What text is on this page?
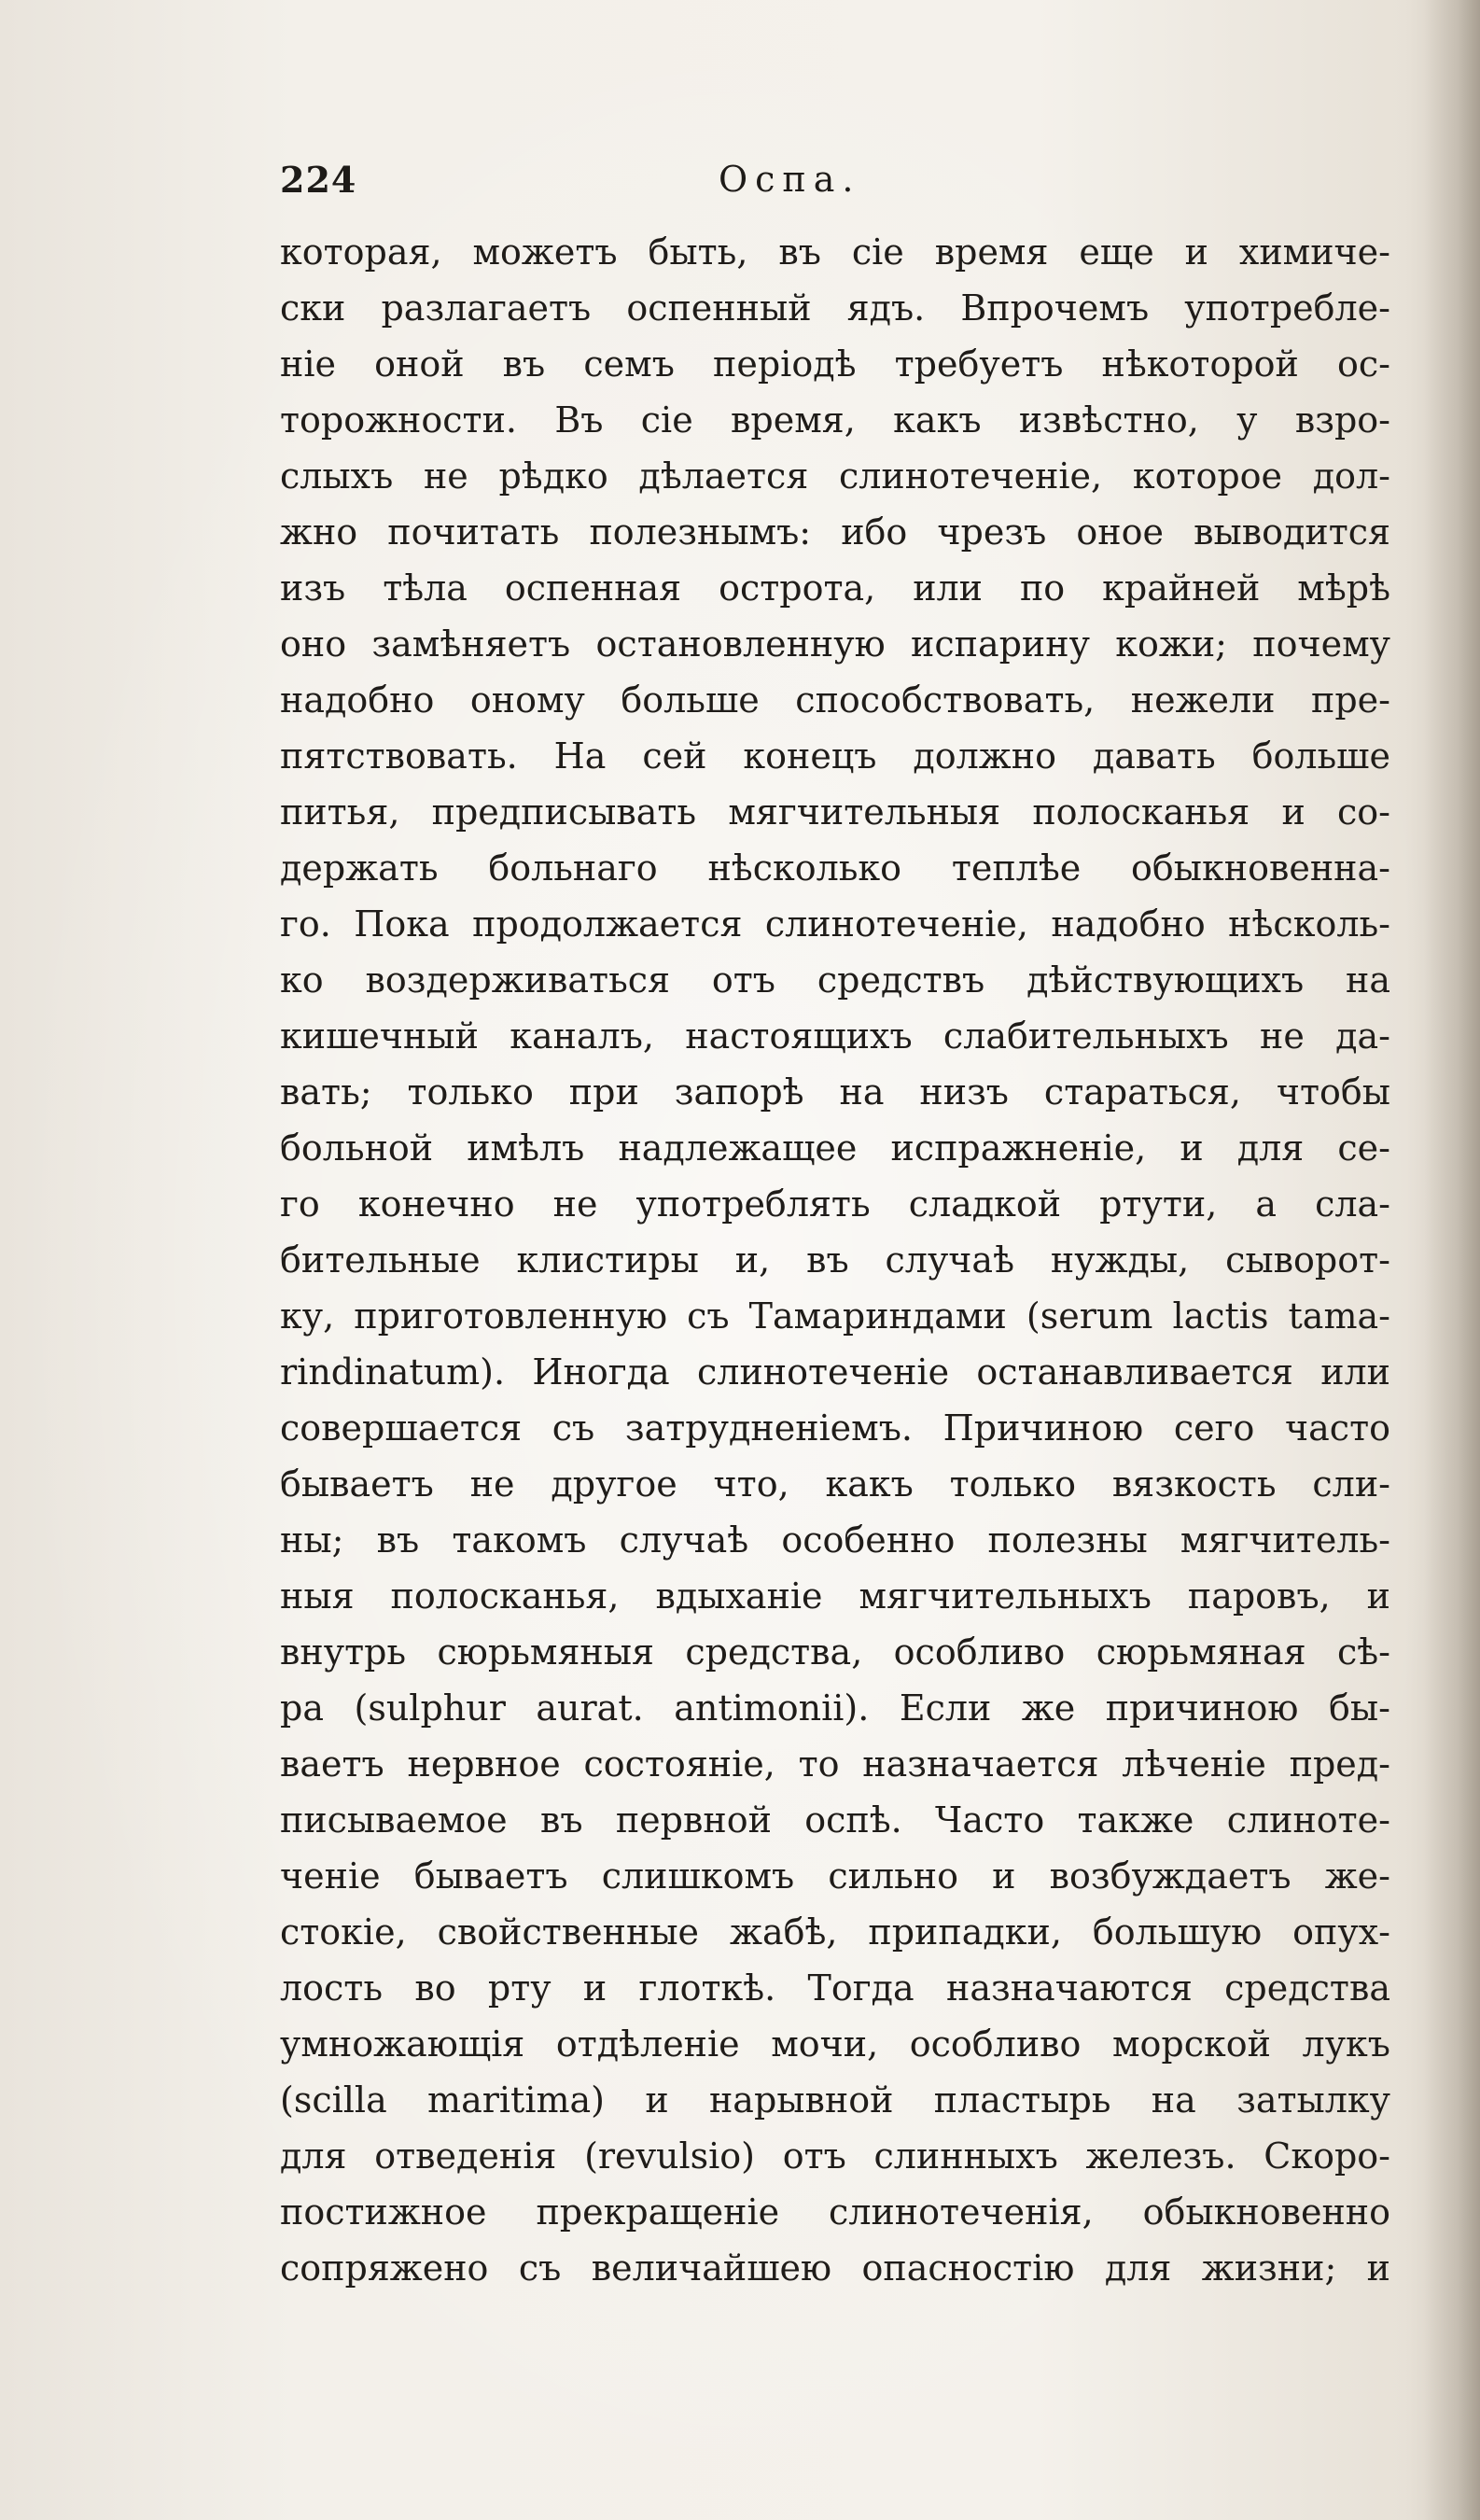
224	Оспа.
которая, можетъ быть, въ сіе время еще и химиче-
ски разлагаетъ оспенный ядъ. Впрочемъ употребле-
ніе оной въ семъ періодѣ требуетъ нѣкоторой ос-
торожности. Въ сіе время, какъ извѣстно, у взро-
слыхъ не рѣдко дѣлается слинотеченіе, которое дол-
жно почитать полезнымъ: ибо чрезъ оное выводится
изъ тѣла оспенная острота, или по крайней мѣрѣ
оно замѣняетъ остановленную испарину кожи; почему
надобно оному больше способствовать, нежели пре-
пятствовать. На сей конецъ должно давать больше
питья, предписывать мягчительныя полосканья и со-
держать больнаго нѣсколько теплѣе обыкновенна-
го. Пока продолжается слинотеченіе, надобно нѣсколь-
ко воздерживаться отъ средствъ дѣйствующихъ на
кишечный каналъ, настоящихъ слабительныхъ не да-
вать; только при запорѣ на низъ стараться, чтобы
больной имѣлъ надлежащее испражненіе, и для се-
го конечно не употреблять сладкой ртути, а сла-
бительные клистиры и, въ случаѣ нужды, сыворот-
ку, приготовленную съ Тамариндами (serum lactis tama-
rindinatum). Иногда слинотеченіе останавливается или
совершается съ затрудненіемъ. Причиною сего часто
бываетъ не другое что, какъ только вязкость сли-
ны; въ такомъ случаѣ особенно полезны мягчитель-
ныя полосканья, вдыханіе мягчительныхъ паровъ, и
внутрь сюрьмяныя средства, особливо сюрьмяная сѣ-
ра (sulphur aurat. antimonii). Если же причиною бы-
ваетъ нервное состояніе, то назначается лѣченіе пред-
писываемое въ первной оспѣ. Часто также слиноте-
ченіе бываетъ слишкомъ сильно и возбуждаетъ же-
стокіе, свойственные жабѣ, припадки, большую опух-
лость во рту и глоткѣ. Тогда назначаются средства
умножающія отдѣленіе мочи, особливо морской лукъ
(scilla maritima) и нарывной пластырь на затылку
для отведенія (revulsio) отъ слинныхъ железъ. Скоро-
постижное прекращеніе слинотеченія, обыкновенно
сопряжено съ величайшею опасностію для жизни; и
